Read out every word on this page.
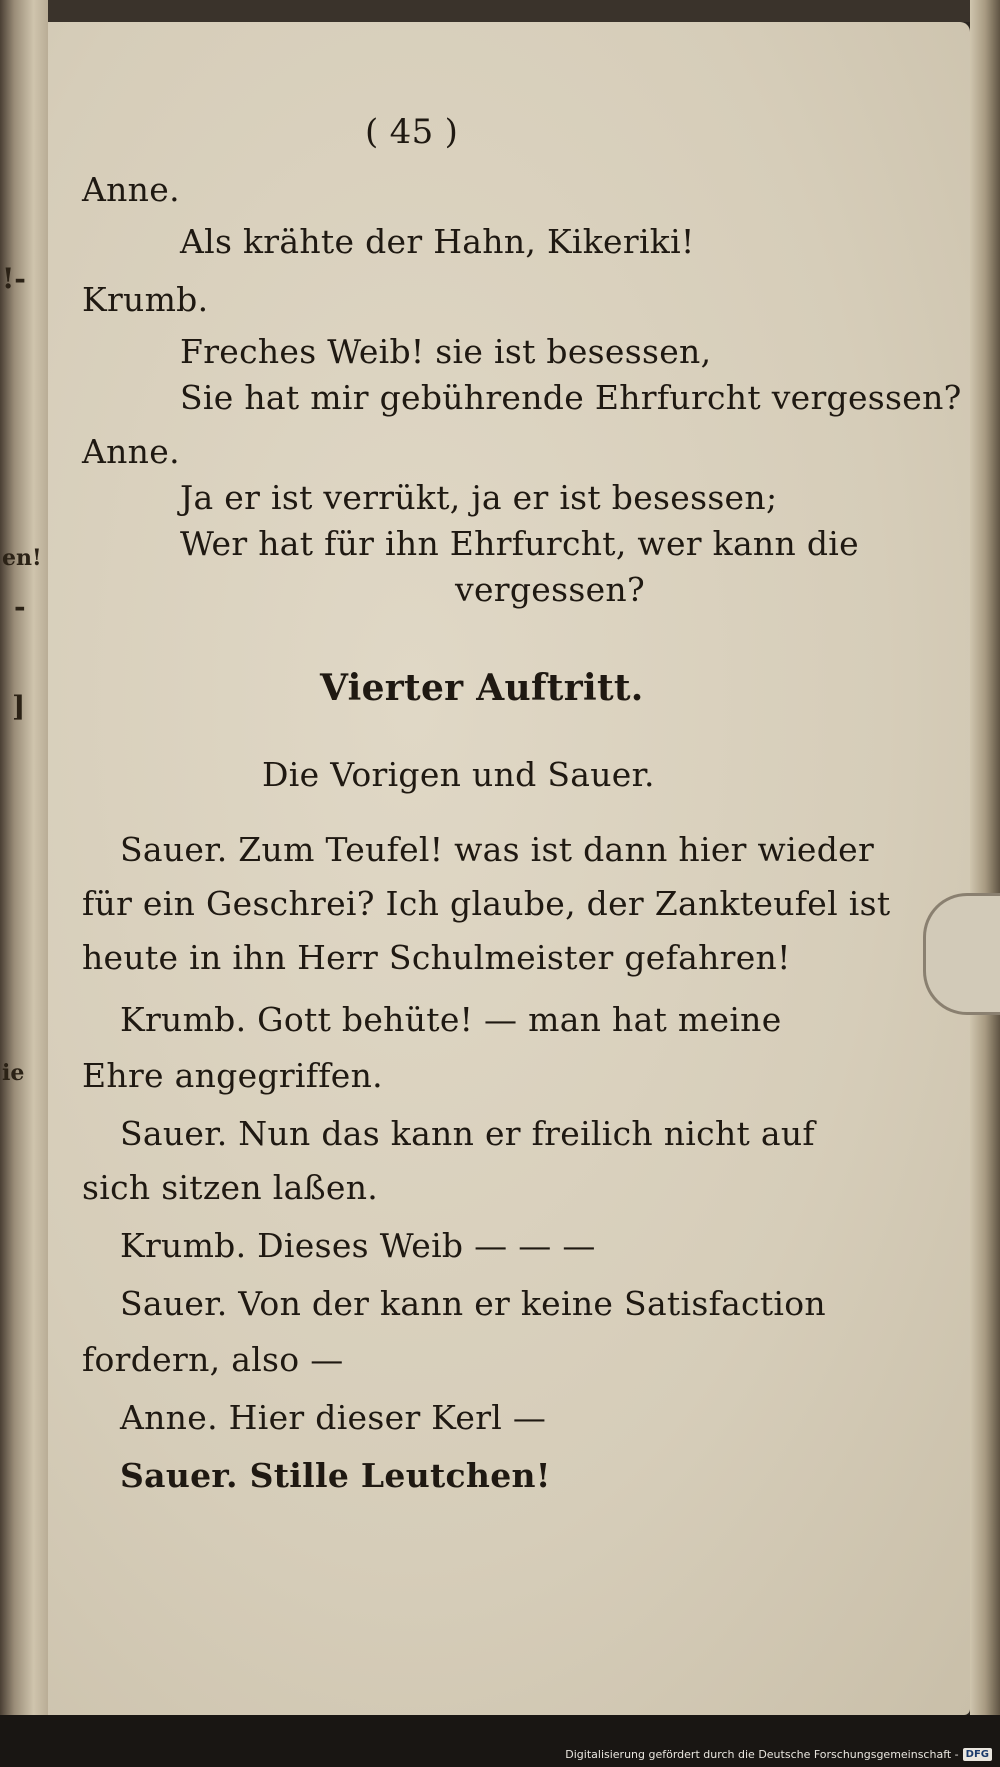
!-
en!
-
]
ie
( 45 )
Anne.
Als krähte der Hahn, Kikeriki!
Krumb.
Freches Weib! sie ist besessen,
Sie hat mir gebührende Ehrfurcht vergessen?
Anne.
Ja er ist verrükt, ja er ist besessen;
Wer hat für ihn Ehrfurcht, wer kann die
vergessen?
Vierter Auftritt.
Die Vorigen und Sauer.
Sauer. Zum Teufel! was ist dann hier wieder
für ein Geschrei? Ich glaube, der Zankteufel ist
heute in ihn Herr Schulmeister gefahren!
Krumb. Gott behüte! — man hat meine
Ehre angegriffen.
Sauer. Nun das kann er freilich nicht auf
sich sitzen laßen.
Krumb. Dieses Weib — — —
Sauer. Von der kann er keine Satisfaction
fordern, also —
Anne. Hier dieser Kerl —
Sauer. Stille Leutchen!
Digitalisierung gefördert durch die Deutsche Forschungsgemeinschaft - DFG
